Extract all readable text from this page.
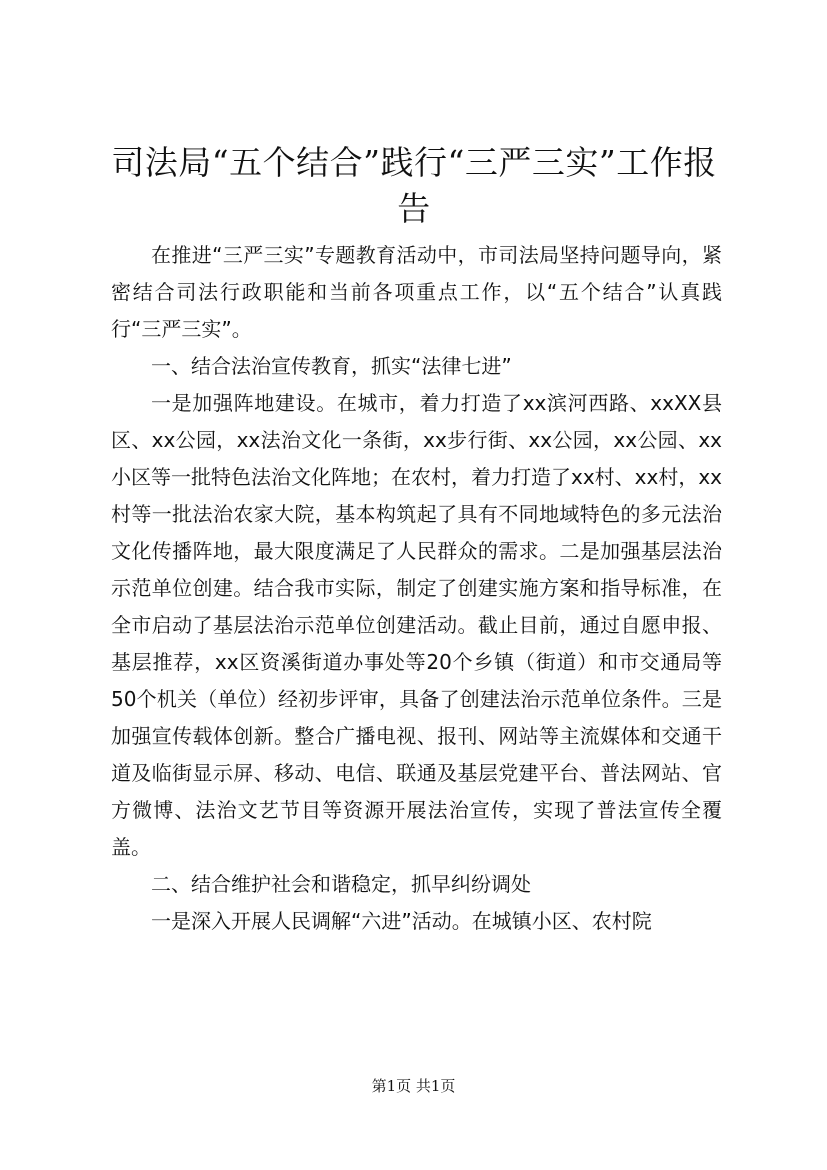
司法局“五个结合”践行“三严三实”工作报告

在推进“三严三实”专题教育活动中，市司法局坚持问题导向，紧密结合司法行政职能和当前各项重点工作，以“五个结合”认真践行“三严三实”。

一、结合法治宣传教育，抓实“法律七进”

一是加强阵地建设。在城市，着力打造了xx滨河西路、xxXX县区、xx公园，xx法治文化一条街，xx步行街、xx公园，xx公园、xx小区等一批特色法治文化阵地；在农村，着力打造了xx村、xx村，xx村等一批法治农家大院，基本构筑起了具有不同地域特色的多元法治文化传播阵地，最大限度满足了人民群众的需求。二是加强基层法治示范单位创建。结合我市实际，制定了创建实施方案和指导标准，在全市启动了基层法治示范单位创建活动。截止目前，通过自愿申报、基层推荐，xx区资溪街道办事处等20个乡镇（街道）和市交通局等50个机关（单位）经初步评审，具备了创建法治示范单位条件。三是加强宣传载体创新。整合广播电视、报刊、网站等主流媒体和交通干道及临街显示屏、移动、电信、联通及基层党建平台、普法网站、官方微博、法治文艺节目等资源开展法治宣传，实现了普法宣传全覆盖。

二、结合维护社会和谐稳定，抓早纠纷调处

一是深入开展人民调解“六进”活动。在城镇小区、农村院

第1页 共1页
